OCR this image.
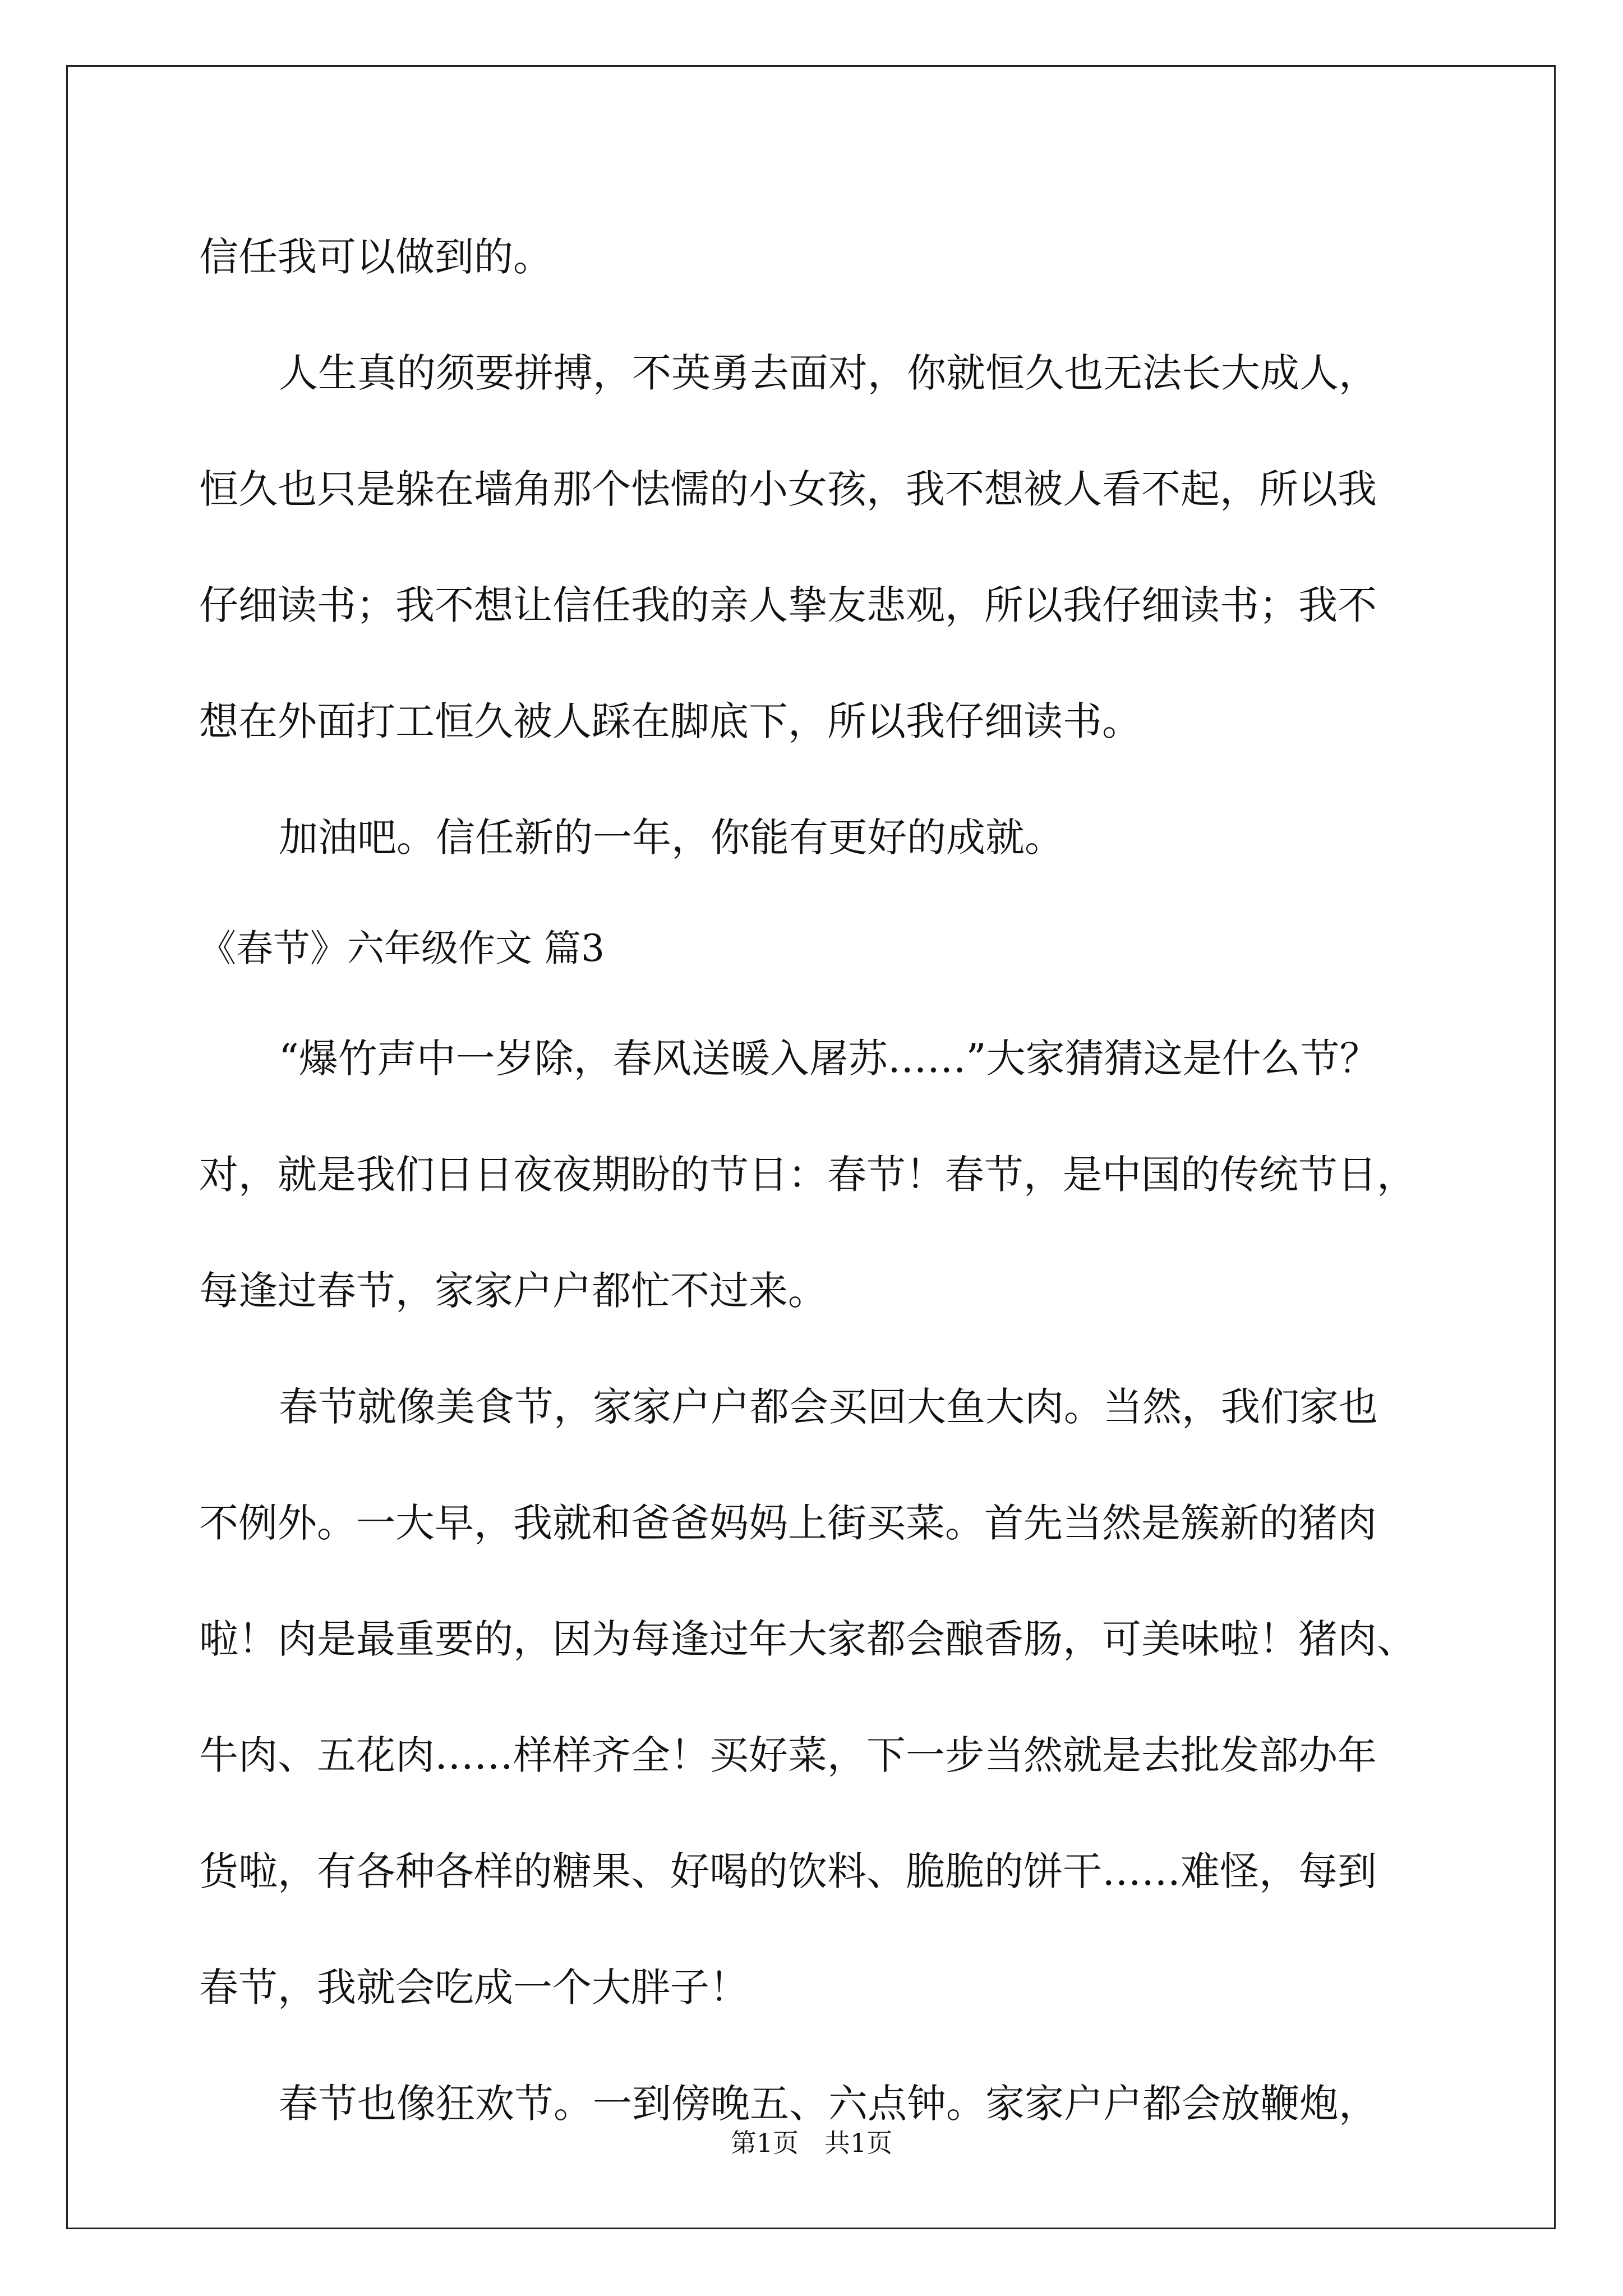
信任我可以做到的。
人生真的须要拼搏，不英勇去面对，你就恒久也无法长大成人，
恒久也只是躲在墙角那个怯懦的小女孩，我不想被人看不起，所以我
仔细读书；我不想让信任我的亲人挚友悲观，所以我仔细读书；我不
想在外面打工恒久被人踩在脚底下，所以我仔细读书。
加油吧。信任新的一年，你能有更好的成就。
《春节》六年级作文 篇3
“爆竹声中一岁除，春风送暖入屠苏……”大家猜猜这是什么节？
对，就是我们日日夜夜期盼的节日：春节！春节，是中国的传统节日，
每逢过春节，家家户户都忙不过来。
春节就像美食节，家家户户都会买回大鱼大肉。当然，我们家也
不例外。一大早，我就和爸爸妈妈上街买菜。首先当然是簇新的猪肉
啦！肉是最重要的，因为每逢过年大家都会酿香肠，可美味啦！猪肉、
牛肉、五花肉……样样齐全！买好菜，下一步当然就是去批发部办年
货啦，有各种各样的糖果、好喝的饮料、脆脆的饼干……难怪，每到
春节，我就会吃成一个大胖子！
春节也像狂欢节。一到傍晚五、六点钟。家家户户都会放鞭炮，
第1页　共1页
